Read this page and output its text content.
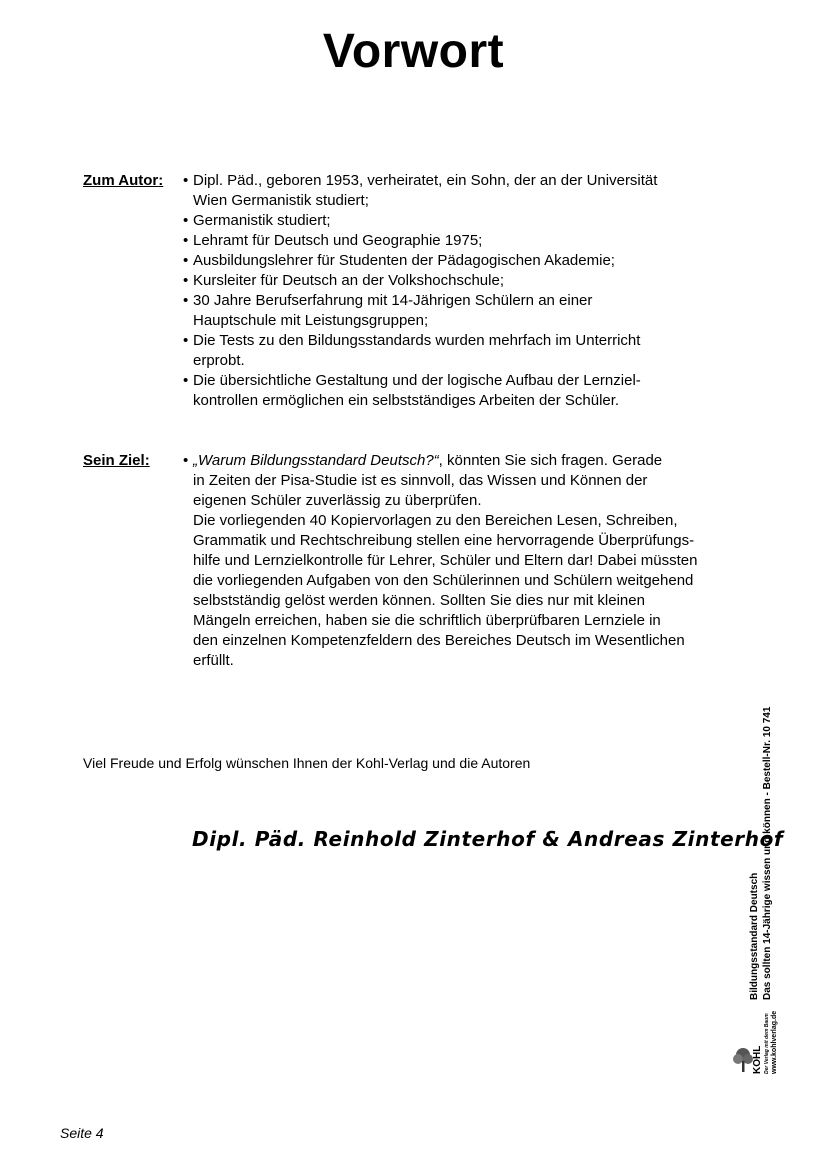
Vorwort
Zum Autor: • Dipl. Päd., geboren 1953, verheiratet, ein Sohn, der an der Universität
Wien Germanistik studiert;
• Germanistik studiert;
• Lehramt für Deutsch und Geographie 1975;
• Ausbildungslehrer für Studenten der Pädagogischen Akademie;
• Kursleiter für Deutsch an der Volkshochschule;
• 30 Jahre Berufserfahrung mit 14-Jährigen Schülern an einer
Hauptschule mit Leistungsgruppen;
• Die Tests zu den Bildungsstandards wurden mehrfach im Unterricht
erprobt.
• Die übersichtliche Gestaltung und der logische Aufbau der Lernziel-
kontrollen ermöglichen ein selbstständiges Arbeiten der Schüler.
Sein Ziel: • „Warum Bildungsstandard Deutsch?“, könnten Sie sich fragen. Gerade
in Zeiten der Pisa-Studie ist es sinnvoll, das Wissen und Können der
eigenen Schüler zuverlässig zu überprüfen.
Die vorliegenden 40 Kopiervorlagen zu den Bereichen Lesen, Schreiben,
Grammatik und Rechtschreibung stellen eine hervorragende Überprüfungs-
hilfe und Lernzielkontrolle für Lehrer, Schüler und Eltern dar! Dabei müssten
die vorliegenden Aufgaben von den Schülerinnen und Schülern weitgehend
selbstständig gelöst werden können. Sollten Sie dies nur mit kleinen
Mängeln erreichen, haben sie die schriftlich überprüfbaren Lernziele in
den einzelnen Kompetenzfeldern des Bereiches Deutsch im Wesentlichen
erfüllt.
Viel Freude und Erfolg wünschen Ihnen der Kohl-Verlag und die Autoren
Dipl. Päd. Reinhold Zinterhof & Andreas Zinterhof
Bildungsstandard Deutsch Das sollten 14-Jährige wissen und können - Bestell-Nr. 10 741
KOHL Der Verlag mit dem Baum www.kohlverlag.de
Seite 4
